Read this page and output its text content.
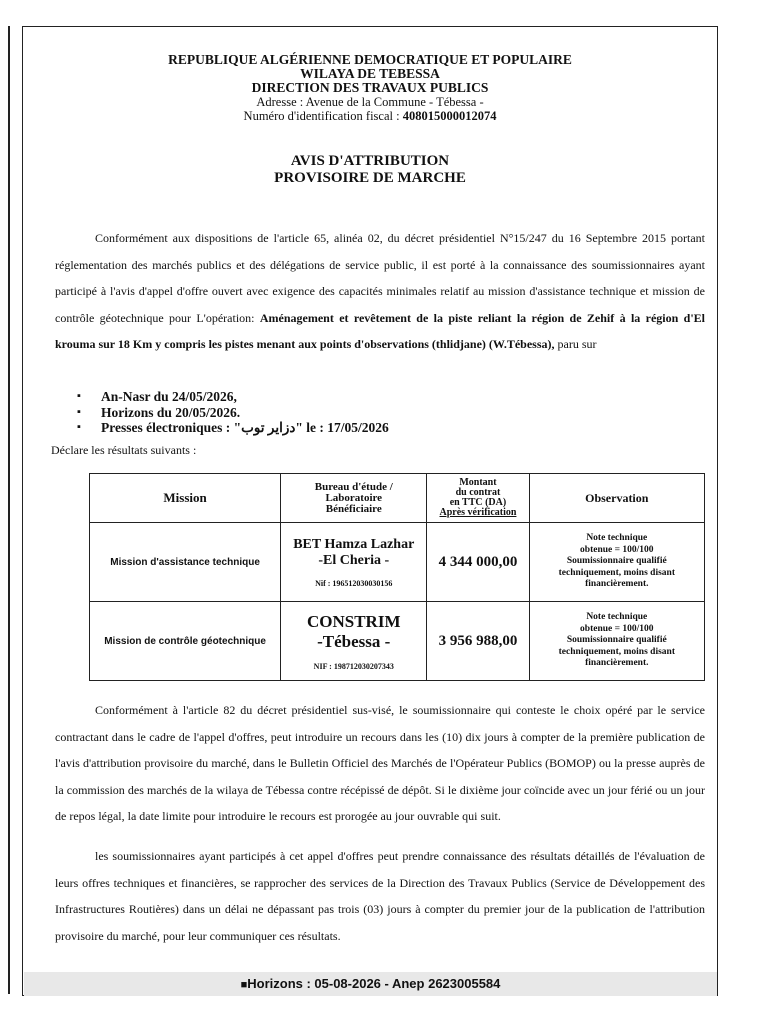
REPUBLIQUE ALGÉRIENNE DEMOCRATIQUE ET POPULAIRE
WILAYA DE TEBESSA
DIRECTION DES TRAVAUX PUBLICS
Adresse : Avenue de la Commune - Tébessa -
Numéro d'identification fiscal : 408015000012074
AVIS D'ATTRIBUTION
PROVISOIRE DE MARCHE
Conformément aux dispositions de l'article 65, alinéa 02, du décret présidentiel N°15/247 du 16 Septembre 2015 portant réglementation des marchés publics et des délégations de service public, il est porté à la connaissance des soumissionnaires ayant participé à l'avis d'appel d'offre ouvert avec exigence des capacités minimales relatif au mission d'assistance technique et mission de contrôle géotechnique pour L'opération: Aménagement et revêtement de la piste reliant la région de Zehif à la région d'El krouma sur 18 Km y compris les pistes menant aux points d'observations (thlidjane) (W.Tébessa), paru sur
▪ An-Nasr du 24/05/2026,
▪ Horizons du 20/05/2026.
▪ Presses électroniques : "دزاير توب" le : 17/05/2026
Déclare les résultats suivants :
Mission	Bureau d'étude /
Laboratoire
Bénéficiaire	Montant
du contrat
en TTC (DA)
Après vérification	Observation
Mission d'assistance technique	BET Hamza Lazhar
-El Cheria -
Nif : 196512030030156	4 344 000,00	Note technique
obtenue = 100/100
Soumissionnaire qualifié
techniquement, moins disant
financièrement.

Mission de contrôle géotechnique	CONSTRIM
-Tébessa -
NIF : 198712030207343	3 956 988,00	Note technique
obtenue = 100/100
Soumissionnaire qualifié
techniquement, moins disant
financièrement.
Conformément à l'article 82 du décret présidentiel sus-visé, le soumissionnaire qui conteste le choix opéré par le service contractant dans le cadre de l'appel d'offres, peut introduire un recours dans les (10) dix jours à compter de la première publication de l'avis d'attribution provisoire du marché, dans le Bulletin Officiel des Marchés de l'Opérateur Publics (BOMOP) ou la presse auprès de la commission des marchés de la wilaya de Tébessa contre récépissé de dépôt. Si le dixième jour coïncide avec un jour férié ou un jour de repos légal, la date limite pour introduire le recours est prorogée au jour ouvrable qui suit.
les soumissionnaires ayant participés à cet appel d'offres peut prendre connaissance des résultats détaillés de l'évaluation de leurs offres techniques et financières, se rapprocher des services de la Direction des Travaux Publics (Service de Développement des Infrastructures Routières) dans un délai ne dépassant pas trois (03) jours à compter du premier jour de la publication de l'attribution provisoire du marché, pour leur communiquer ces résultats.
■Horizons : 05-08-2026 - Anep 2623005584
